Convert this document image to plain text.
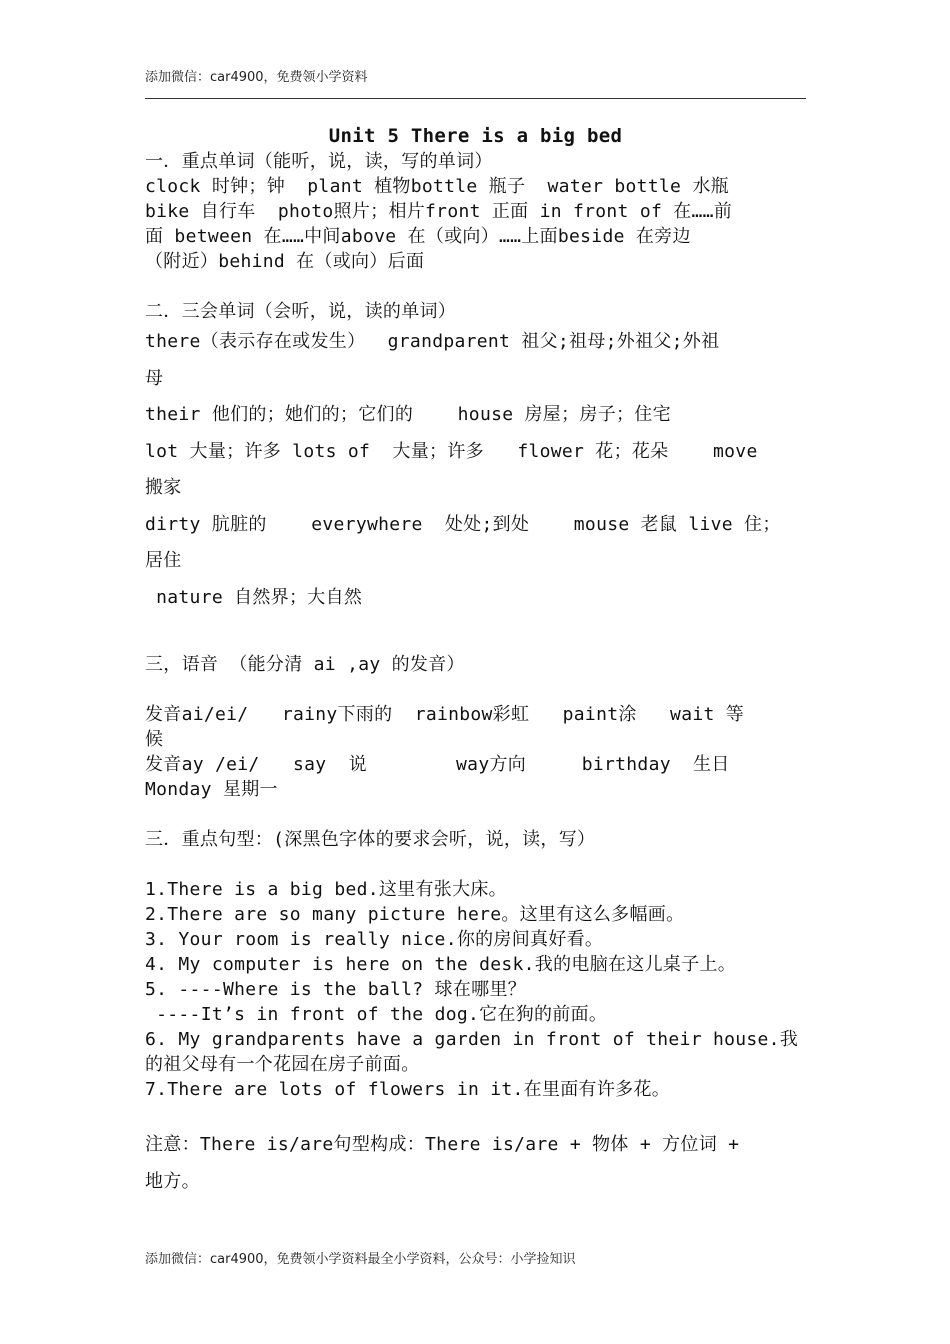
添加微信：car4900，免费领小学资料
Unit 5 There is a big bed
一．重点单词（能听，说，读，写的单词）
clock 时钟；钟  plant 植物bottle 瓶子  water bottle 水瓶
bike 自行车  photo照片；相片front 正面 in front of 在……前
面 between 在……中间above 在（或向）……上面beside 在旁边
（附近）behind 在（或向）后面
二．三会单词（会听，说，读的单词）
there（表示存在或发生）  grandparent 祖父;祖母;外祖父;外祖
母
their 他们的；她们的；它们的    house 房屋；房子；住宅
lot 大量；许多 lots of  大量；许多   flower 花；花朵    move
搬家
dirty 肮脏的    everywhere  处处;到处    mouse 老鼠 live 住；
居住
nature 自然界；大自然
三，语音 （能分清 ai ,ay 的发音）
发音ai/ei/   rainy下雨的  rainbow彩虹   paint涂   wait 等
候
发音ay /ei/   say  说        way方向     birthday  生日
Monday 星期一
三．重点句型：(深黑色字体的要求会听，说，读，写）
1.There is a big bed.这里有张大床。
2.There are so many picture here。这里有这么多幅画。
3. Your room is really nice.你的房间真好看。
4. My computer is here on the desk.我的电脑在这儿桌子上。
5. ----Where is the ball? 球在哪里？
----It’s in front of the dog.它在狗的前面。
6. My grandparents have a garden in front of their house.我
的祖父母有一个花园在房子前面。
7.There are lots of flowers in it.在里面有许多花。
注意：There is/are句型构成：There is/are + 物体 + 方位词 +
地方。
添加微信：car4900，免费领小学资料最全小学资料，公众号：小学捡知识
